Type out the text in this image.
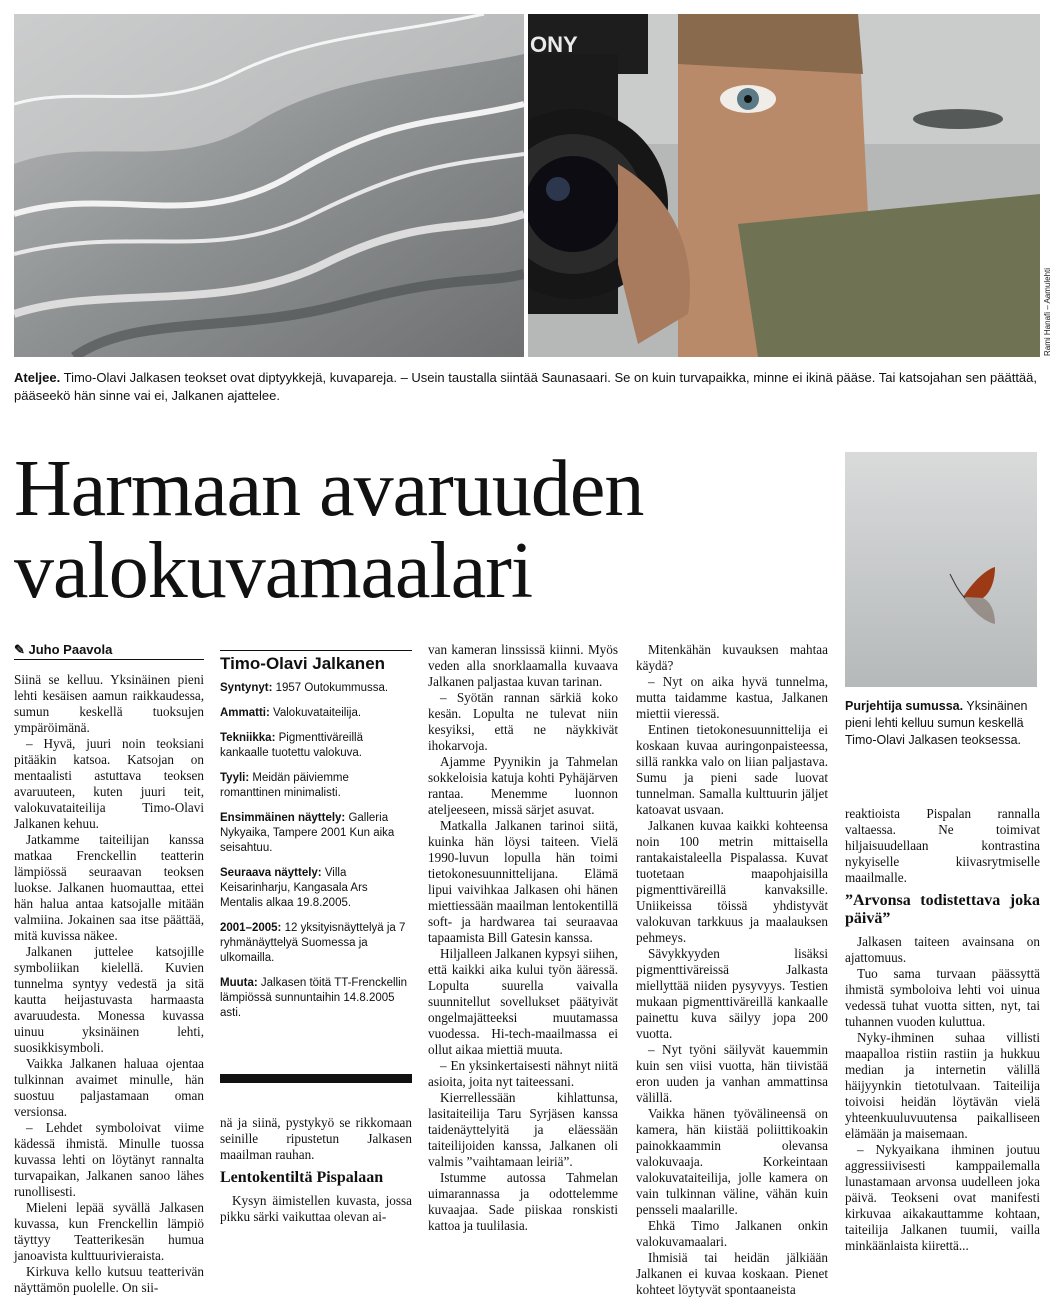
ONY
Rami Hanafi – Aamulehti
Ateljee. Timo-Olavi Jalkasen teokset ovat diptyykkejä, kuvapareja. – Usein taustalla siintää Saunasaari. Se on kuin turvapaikka, minne ei ikinä pääse. Tai katsojahan sen päättää, pääseekö hän sinne vai ei, Jalkanen ajattelee.
Harmaan avaruuden
valokuvamaalari
Purjehtija sumussa. Yksinäinen pieni lehti kelluu sumun keskellä Timo-Olavi Jalkasen teoksessa.
✎ Juho Paavola

Siinä se kelluu. Yksinäinen pieni lehti kesäisen aamun raikkaudessa, sumun keskellä tuoksujen ympäröimänä.

– Hyvä, juuri noin teoksiani pitääkin katsoa. Katsojan on mentaalisti astuttava teoksen avaruuteen, kuten juuri teit, valokuvataiteilija Timo-Olavi Jalkanen kehuu.

Jatkamme taiteilijan kanssa matkaa Frenckellin teatterin lämpiössä seuraavan teoksen luokse. Jalkanen huomauttaa, ettei hän halua antaa katsojalle mitään valmiina. Jokainen saa itse päättää, mitä kuvissa näkee.

Jalkanen juttelee katsojille symboliikan kielellä. Kuvien tunnelma syntyy vedestä ja sitä kautta heijastuvasta harmaasta avaruudesta. Monessa kuvassa uinuu yksinäinen lehti, suosikkisymboli.

Vaikka Jalkanen haluaa ojentaa tulkinnan avaimet minulle, hän suostuu paljastamaan oman versionsa.

– Lehdet symboloivat viime kädessä ihmistä. Minulle tuossa kuvassa lehti on löytänyt rannalta turvapaikan, Jalkanen sanoo lähes runollisesti.

Mieleni lepää syvällä Jalkasen kuvassa, kun Frenckellin lämpiö täyttyy Teatterikesän humua janoavista kulttuurivieraista.

Kirkuva kello kutsuu teatterivän näyttämön puolelle. On sii-

Timo-Olavi Jalkanen
Syntynyt: 1957 Outokummussa.
Ammatti: Valokuvataiteilija.
Tekniikka: Pigmenttiväreillä kankaalle tuotettu valokuva.
Tyyli: Meidän päiviemme romanttinen minimalisti.
Ensimmäinen näyttely: Galleria Nykyaika, Tampere 2001 Kun aika seisahtuu.
Seuraava näyttely: Villa Keisarinharju, Kangasala Ars Mentalis alkaa 19.8.2005.
2001–2005: 12 yksityisnäyttelyä ja 7 ryhmänäyttelyä Suomessa ja ulkomailla.
Muuta: Jalkasen töitä TT-Frenckellin lämpiössä sunnuntaihin 14.8.2005 asti.

nä ja siinä, pystykyö se rikkomaan seinille ripustetun Jalkasen maailman rauhan.

Lentokentiltä Pispalaan

Kysyn äimistellen kuvasta, jossa pikku särki vaikuttaa olevan ai-

van kameran linssissä kiinni. Myös veden alla snorklaamalla kuvaava Jalkanen paljastaa kuvan tarinan.

– Syötän rannan särkiä koko kesän. Lopulta ne tulevat niin kesyiksi, että ne näykkivät ihokarvoja.

Ajamme Pyynikin ja Tahmelan sokkeloisia katuja kohti Pyhäjärven rantaa. Menemme luonnon ateljeeseen, missä särjet asuvat.

Matkalla Jalkanen tarinoi siitä, kuinka hän löysi taiteen. Vielä 1990-luvun lopulla hän toimi tietokonesuunnittelijana. Elämä lipui vaivihkaa Jalkasen ohi hänen miettiessään maailman lentokentillä soft- ja hardwarea tai seuraavaa tapaamista Bill Gatesin kanssa.

Hiljalleen Jalkanen kypsyi siihen, että kaikki aika kului työn ääressä. Lopulta suurella vaivalla suunnitellut sovellukset päätyivät ongelmajätteeksi muutamassa vuodessa. Hi-tech-maailmassa ei ollut aikaa miettiä muuta.

– En yksinkertaisesti nähnyt niitä asioita, joita nyt taiteessani.

Kierrellessään kihlattunsa, lasitaiteilija Taru Syrjäsen kanssa taidenäyttelyitä ja eläessään taiteilijoiden kanssa, Jalkanen oli valmis ”vaihtamaan leiriä”.

Istumme autossa Tahmelan uimarannassa ja odottelemme kuvaajaa. Sade piiskaa ronskisti kattoa ja tuulilasia.

Mitenkähän kuvauksen mahtaa käydä?

– Nyt on aika hyvä tunnelma, mutta taidamme kastua, Jalkanen miettii vieressä.

Entinen tietokonesuunnittelija ei koskaan kuvaa auringonpaisteessa, sillä rankka valo on liian paljastava. Sumu ja pieni sade luovat tunnelman. Samalla kulttuurin jäljet katoavat usvaan.

Jalkanen kuvaa kaikki kohteensa noin 100 metrin mittaisella rantakaistaleella Pispalassa. Kuvat tuotetaan maapohjaisilla pigmenttiväreillä kanvaksille. Uniikeissa töissä yhdistyvät valokuvan tarkkuus ja maalauksen pehmeys.

Sävykkyyden lisäksi pigmenttiväreissä Jalkasta miellyttää niiden pysyvyys. Testien mukaan pigmenttiväreillä kankaalle painettu kuva säilyy jopa 200 vuotta.

– Nyt työni säilyvät kauemmin kuin sen viisi vuotta, hän tiivistää eron uuden ja vanhan ammattinsa välillä.

Vaikka hänen työvälineensä on kamera, hän kiistää poliittikoakin painokkaammin olevansa valokuvaaja. Korkeintaan valokuvataiteilija, jolle kamera on vain tulkinnan väline, vähän kuin pensseli maalarille.

Ehkä Timo Jalkanen onkin valokuvamaalari.

Ihmisiä tai heidän jälkiään Jalkanen ei kuvaa koskaan. Pienet kohteet löytyvät spontaaneista

reaktioista Pispalan rannalla valtaessa. Ne toimivat hiljaisuudellaan kontrastina nykyiselle kiivasrytmiselle maailmalle.

”Arvonsa todistettava joka päivä”

Jalkasen taiteen avainsana on ajattomuus.

Tuo sama turvaan päässyttä ihmistä symboloiva lehti voi uinua vedessä tuhat vuotta sitten, nyt, tai tuhannen vuoden kuluttua.

Nyky-ihminen suhaa villisti maapalloa ristiin rastiin ja hukkuu median ja internetin välillä häijyynkin tietotulvaan. Taiteilija toivoisi heidän löytävän vielä yhteenkuuluvuutensa paikalliseen elämään ja maisemaan.

– Nykyaikana ihminen joutuu aggressiivisesti kamppailemalla lunastamaan arvonsa uudelleen joka päivä. Teokseni ovat manifesti kirkuvaa aikakauttamme kohtaan, taiteilija Jalkanen tuumii, vailla minkäänlaista kiirettä...
